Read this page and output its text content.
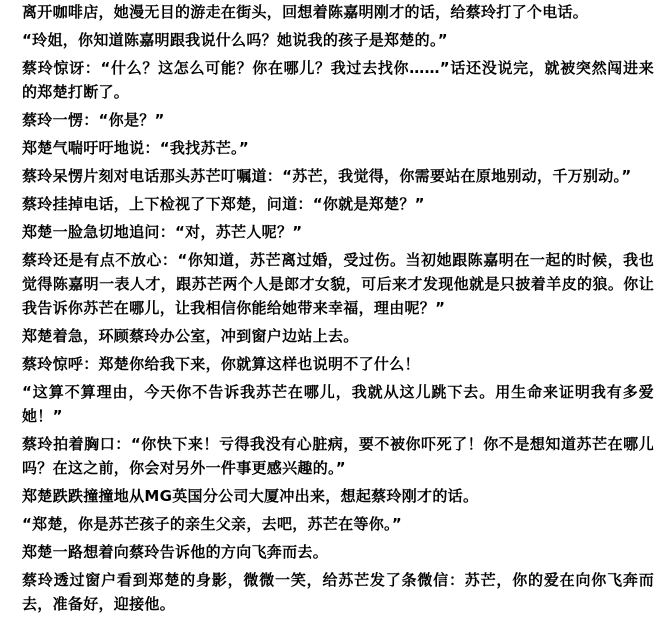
离开咖啡店，她漫无目的游走在街头，回想着陈嘉明刚才的话，给蔡玲打了个电话。

“玲姐，你知道陈嘉明跟我说什么吗？她说我的孩子是郑楚的。”

蔡玲惊讶：“什么？这怎么可能？你在哪儿？我过去找你……”话还没说完，就被突然闯进来的郑楚打断了。

蔡玲一愣：“你是？”

郑楚气喘吁吁地说：“我找苏芒。”

蔡玲呆愣片刻对电话那头苏芒叮嘱道：“苏芒，我觉得，你需要站在原地别动，千万别动。”

蔡玲挂掉电话，上下检视了下郑楚，问道：“你就是郑楚？”

郑楚一脸急切地追问：“对，苏芒人呢？”

蔡玲还是有点不放心：“你知道，苏芒离过婚，受过伤。当初她跟陈嘉明在一起的时候，我也觉得陈嘉明一表人才，跟苏芒两个人是郎才女貌，可后来才发现他就是只披着羊皮的狼。你让我告诉你苏芒在哪儿，让我相信你能给她带来幸福，理由呢？”

郑楚着急，环顾蔡玲办公室，冲到窗户边站上去。

蔡玲惊呼：郑楚你给我下来，你就算这样也说明不了什么！

“这算不算理由，今天你不告诉我苏芒在哪儿，我就从这儿跳下去。用生命来证明我有多爱她！”

蔡玲拍着胸口：“你快下来！亏得我没有心脏病，要不被你吓死了！你不是想知道苏芒在哪儿吗？在这之前，你会对另外一件事更感兴趣的。”

郑楚跌跌撞撞地从MG英国分公司大厦冲出来，想起蔡玲刚才的话。

“郑楚，你是苏芒孩子的亲生父亲，去吧，苏芒在等你。”

郑楚一路想着向蔡玲告诉他的方向飞奔而去。

蔡玲透过窗户看到郑楚的身影，微微一笑，给苏芒发了条微信：苏芒，你的爱在向你飞奔而去，准备好，迎接他。
